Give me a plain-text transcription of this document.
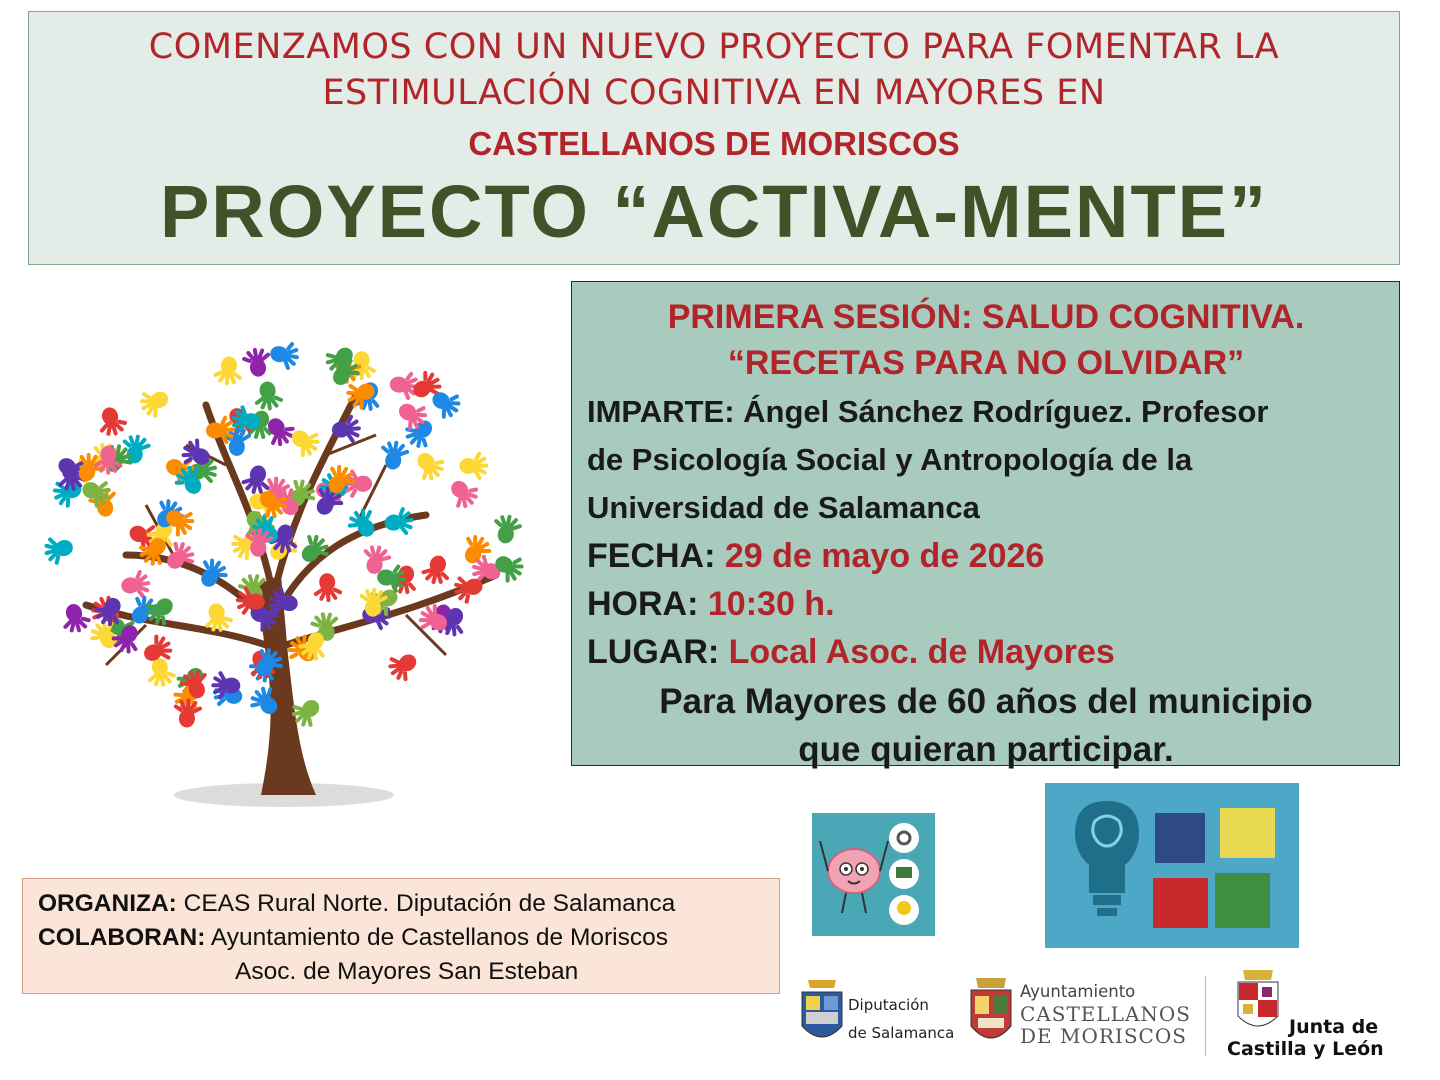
COMENZAMOS CON UN NUEVO PROYECTO PARA FOMENTAR LA
ESTIMULACIÓN COGNITIVA EN MAYORES EN
CASTELLANOS DE MORISCOS
PROYECTO “ACTIVA-MENTE”
PRIMERA SESIÓN: SALUD COGNITIVA.
“RECETAS PARA NO OLVIDAR”
IMPARTE: Ángel Sánchez Rodríguez. Profesor
de Psicología Social y Antropología de la
Universidad de Salamanca
FECHA: 29 de mayo de 2026
HORA: 10:30 h.
LUGAR: Local Asoc. de Mayores
Para Mayores de 60 años del municipio
que quieran participar.
ORGANIZA: CEAS Rural Norte. Diputación de Salamanca
COLABORAN: Ayuntamiento de Castellanos de Moriscos
Asoc. de Mayores San Esteban
Diputación
de Salamanca
Ayuntamiento
CASTELLANOS
DE MORISCOS	Junta de
Castilla y León
